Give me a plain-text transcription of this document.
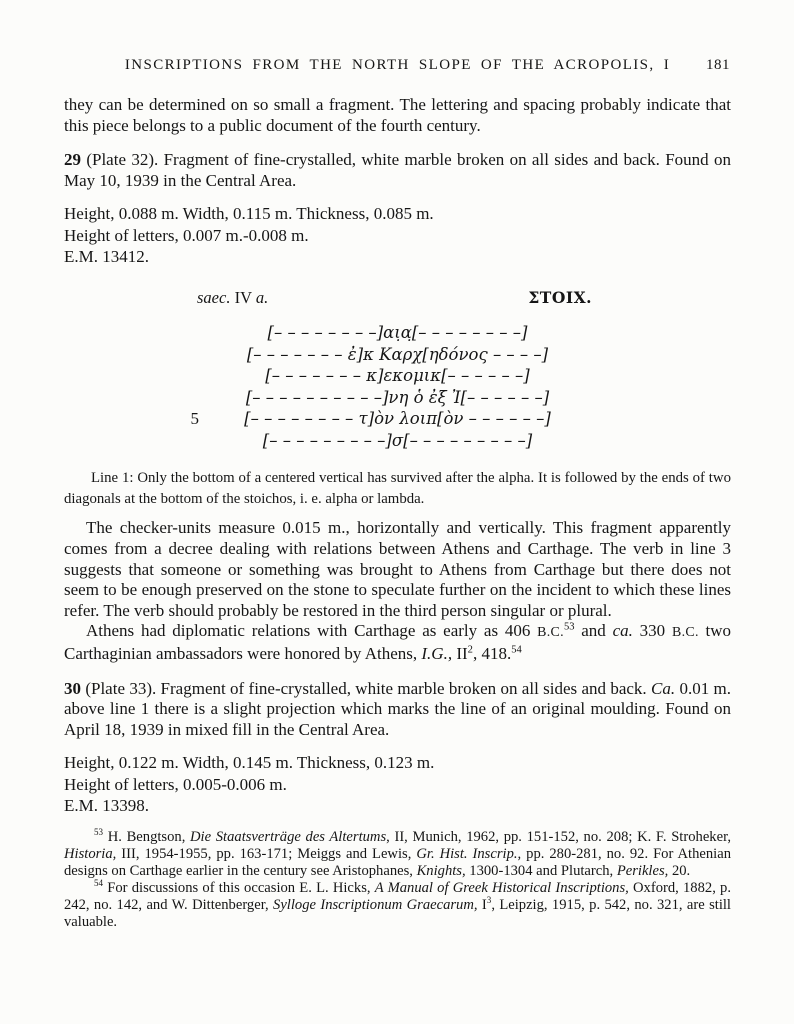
INSCRIPTIONS FROM THE NORTH SLOPE OF THE ACROPOLIS, I 181

they can be determined on so small a fragment. The lettering and spacing probably indicate that this piece belongs to a public document of the fourth century.

29 (Plate 32). Fragment of fine-crystalled, white marble broken on all sides and back. Found on May 10, 1939 in the Central Area.

Height, 0.088 m. Width, 0.115 m. Thickness, 0.085 m.

Height of letters, 0.007 m.-0.008 m.

E.M. 13412.

saec. IV a.	ΣΤΟΙΧ.
[– – – – – – – –]αι̣α̣[– – – – – – – –]
[– – – – – – – ἐ]κ Καρχ[ηδόνος – – – –]
[– – – – – – – κ]εκομικ[– – – – – –]
[– – – – – – – – – –]νη ὁ ἐξ Ἰ[– – – – – –]
5	[– – – – – – – – τ]ὸν λοιπ[ὸν – – – – – –]
[– – – – – – – – –]σ[– – – – – – – – –]

Line 1: Only the bottom of a centered vertical has survived after the alpha. It is followed by the ends of two diagonals at the bottom of the stoichos, i. e. alpha or lambda.

The checker-units measure 0.015 m., horizontally and vertically. This fragment apparently comes from a decree dealing with relations between Athens and Carthage. The verb in line 3 suggests that someone or something was brought to Athens from Carthage but there does not seem to be enough preserved on the stone to speculate further on the incident to which these lines refer. The verb should probably be restored in the third person singular or plural.

Athens had diplomatic relations with Carthage as early as 406 B.C.$^{53}$ and ca. 330 B.C. two Carthaginian ambassadors were honored by Athens, I.G., $II^2$, 418.54

30 (Plate 33). Fragment of fine-crystalled, white marble broken on all sides and back. Ca. 0.01 m. above line 1 there is a slight projection which marks the line of an original moulding. Found on April 18, 1939 in mixed fill in the Central Area.

Height, 0.122 m. Width, 0.145 m. Thickness, 0.123 m.

Height of letters, 0.005-0.006 m.

E.M. 13398.

$^{53}$ H. Bengtson, Die Staatsverträge des Altertums, II, Munich, 1962, pp. 151-152, no. 208; K. F. Stroheker, Historia, III, 1954-1955, pp. 163-171; Meiggs and Lewis, Gr. Hist. Inscrip., pp. 280-281, no. 92. For Athenian designs on Carthage earlier in the century see Aristophanes, Knights, 1300-1304 and Plutarch, Perikles, 20.

$^{54}$ For discussions of this occasion E. L. Hicks, A Manual of Greek Historical Inscriptions, Oxford, 1882, p. 242, no. 142, and W. Dittenberger, Sylloge Inscriptionum Graecarum, $I^3$, Leipzig, 1915, p. 542, no. 321, are still valuable.
